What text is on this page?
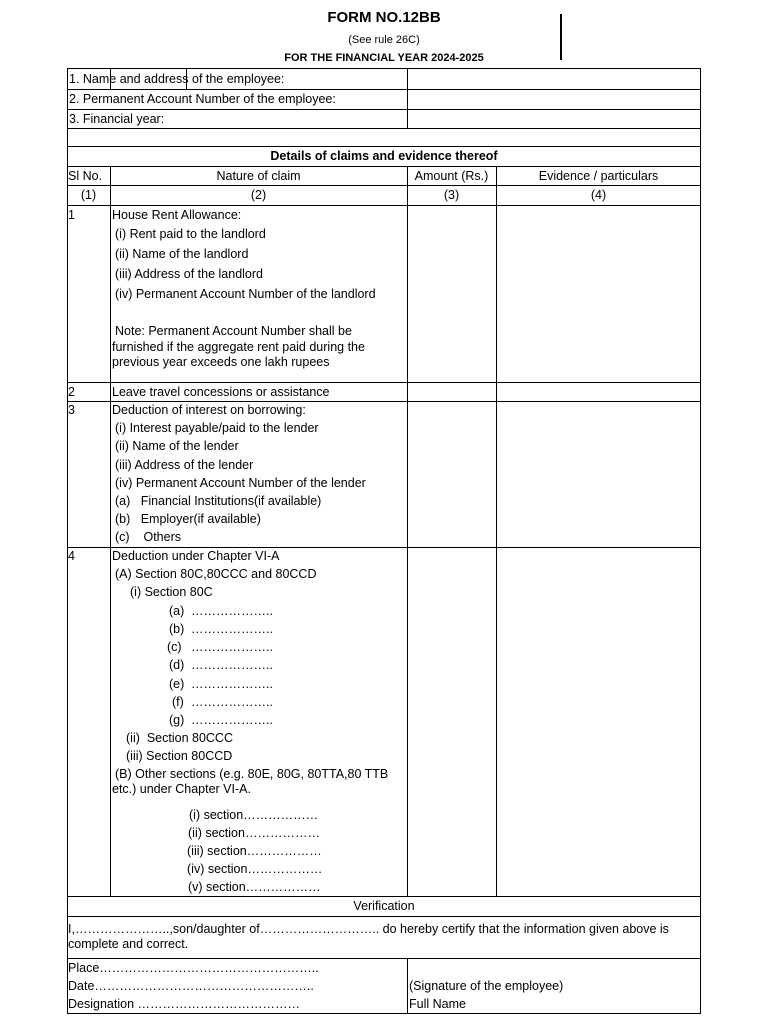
FORM NO.12BB
(See rule 26C)
FOR THE FINANCIAL YEAR 2024-2025
1. Name and address of the employee:
2. Permanent Account Number of the employee:
3. Financial year:
Details of claims and evidence thereof
Sl No.	Nature of claim	Amount (Rs.)	Evidence / particulars
(1)	(2)	(3)	(4)
1	House Rent Allowance:
(i) Rent paid to the landlord
(ii) Name of the landlord
(iii) Address of the landlord
(iv) Permanent Account Number of the landlord
Note: Permanent Account Number shall be furnished if the aggregate rent paid during the previous year exceeds one lakh rupees
2	Leave travel concessions or assistance
3	Deduction of interest on borrowing:
(i) Interest payable/paid to the lender
(ii) Name of the lender
(iii) Address of the lender
(iv) Permanent Account Number of the lender
(a)   Financial Institutions(if available)
(b)   Employer(if available)
(c)    Others
4	Deduction under Chapter VI-A
(A) Section 80C,80CCC and 80CCD
(i) Section 80C
(a) ………………..
(b) ………………..
(c) ………………..
(d) ………………..
(e) ………………..
(f) ………………..
(g) ………………..
(ii)  Section 80CCC
(iii) Section 80CCD
(B) Other sections (e.g. 80E, 80G, 80TTA,80 TTB etc.) under Chapter VI-A.
(i) section………………
(ii) section………………
(iii) section………………
(iv) section………………
(v) section………………
Verification
I,…………………..,son/daughter of……………………….. do hereby certify that the information given above is complete and correct.
Place……………………………………………..
Date……………………………………………..
Designation …………………………………
(Signature of the employee)
Full Name
